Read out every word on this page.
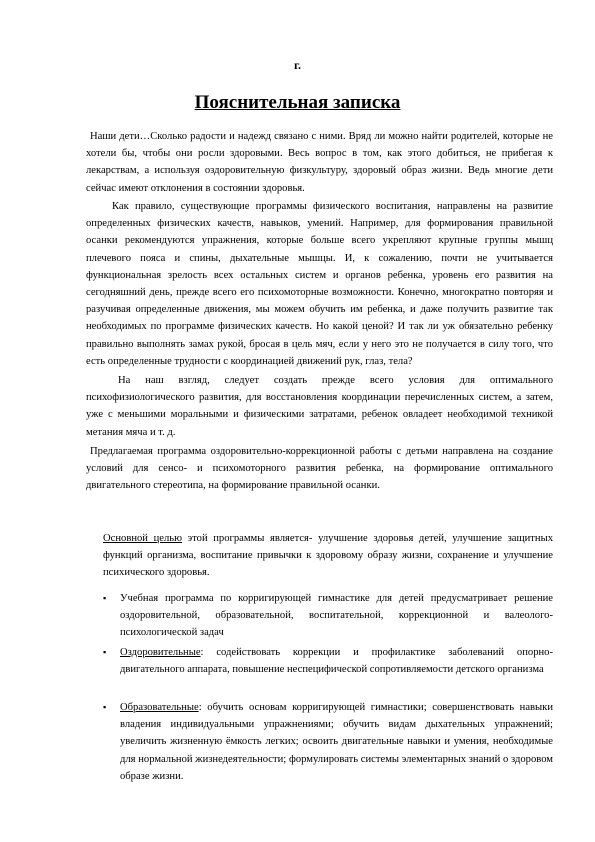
г.
Пояснительная записка

Наши дети…Сколько радости и надежд связано с ними. Вряд ли можно найти родителей, которые не хотели бы, чтобы они росли здоровыми. Весь вопрос в том, как этого добиться, не прибегая к лекарствам, а используя оздоровительную физкультуру, здоровый образ жизни. Ведь многие дети сейчас имеют отклонения в состоянии здоровья.

Как правило, существующие программы физического воспитания, направлены на развитие определенных физических качеств, навыков, умений. Например, для формирования правильной осанки рекомендуются упражнения, которые больше всего укрепляют крупные группы мышц плечевого пояса и спины, дыхательные мышцы. И, к сожалению, почти не учитывается функциональная зрелость всех остальных систем и органов ребенка, уровень его развития на сегодняшний день, прежде всего его психомоторные возможности. Конечно, многократно повторяя и разучивая определенные движения, мы можем обучить им ребенка, и даже получить развитие так необходимых по программе физических качеств. Но какой ценой? И так ли уж обязательно ребенку правильно выполнять замах рукой, бросая в цель мяч, если у него это не получается в силу того, что есть определенные трудности с координацией движений рук, глаз, тела?

На наш взгляд, следует создать прежде всего условия для оптимального психофизиологического развития, для восстановления координации перечисленных систем, а затем, уже с меньшими моральными и физическими затратами, ребенок овладеет необходимой техникой метания мяча и т. д.

Предлагаемая программа оздоровительно-коррекционной работы с детьми направлена на создание условий для сенсо- и психомоторного развития ребенка, на формирование оптимального двигательного стереотипа, на формирование правильной осанки.

Основной целью этой программы является- улучшение здоровья детей, улучшение защитных функций организма, воспитание привычки к здоровому образу жизни, сохранение и улучшение психического здоровья.

▪ Учебная программа по корригирующей гимнастике для детей предусматривает решение оздоровительной, образовательной, воспитательной, коррекционной и валеолого-психологической задач
▪ Оздоровительные: содействовать коррекции и профилактике заболеваний опорно-двигательного аппарата, повышение неспецифической сопротивляемости детского организма
▪ Образовательные: обучить основам корригирующей гимнастики; совершенствовать навыки владения индивидуальными упражнениями; обучить видам дыхательных упражнений; увеличить жизненную ёмкость легких; освоить двигательные навыки и умения, необходимые для нормальной жизнедеятельности; формулировать системы элементарных знаний о здоровом образе жизни.
